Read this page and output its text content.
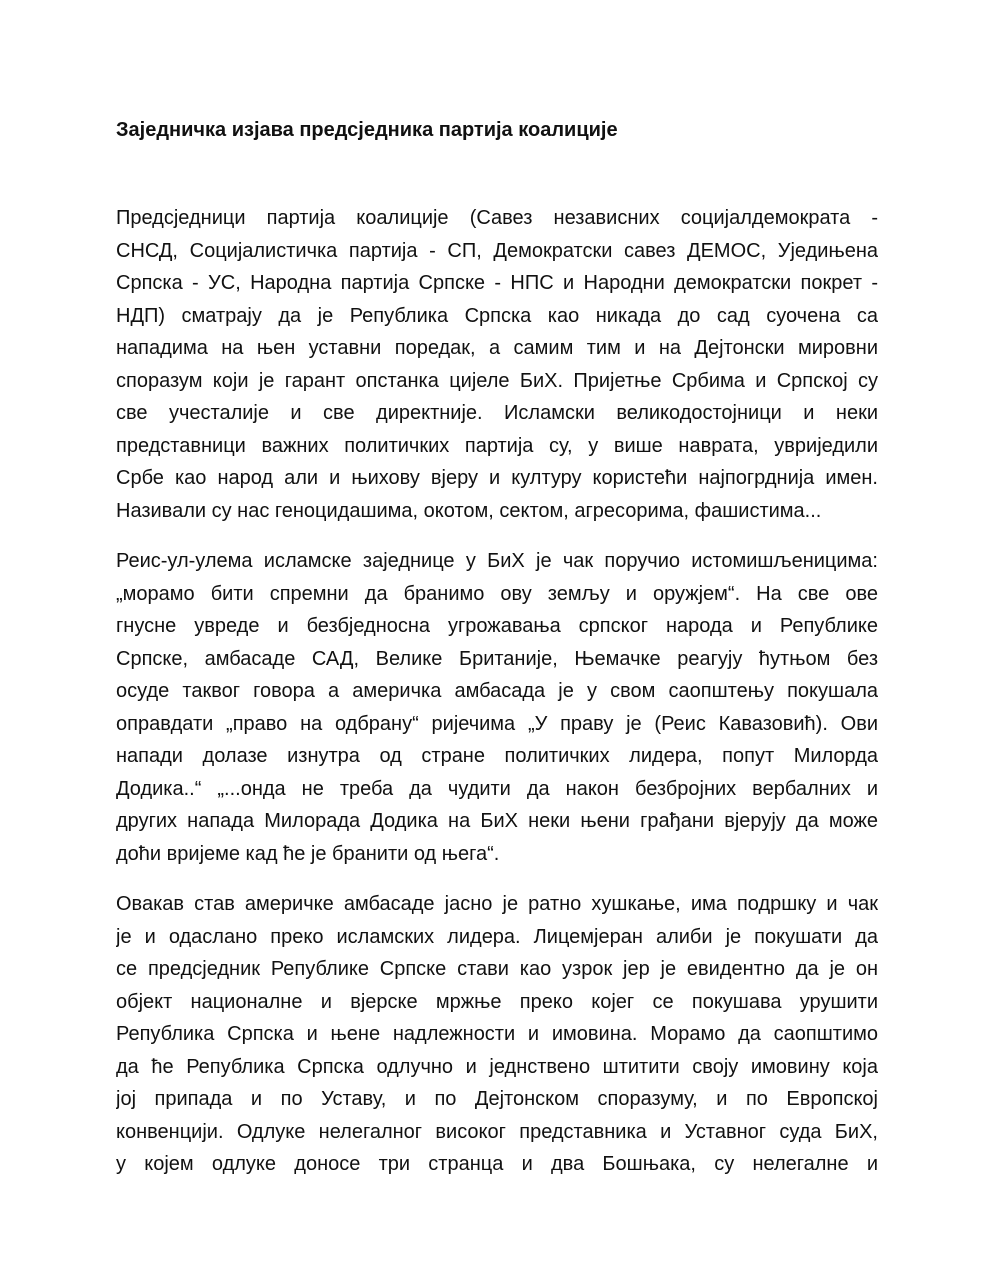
Заједничка изјава предсједника партија коалиције

Предсједници партија коалиције (Савез независних социјалдемократа -
СНСД, Социјалистичка партија - СП, Демократски савез ДЕМОС, Уједињена
Српска - УС, Народна партија Српске - НПС и Народни демократски покрет -
НДП) сматрају да је Република Српска као никада до сад суочена са
нападима на њен уставни поредак, а самим тим и на Дејтонски мировни
споразум који је гарант опстанка цијеле БиХ. Пријетње Србима и Српској су
све учесталије и све директније. Исламски великодостојници и неки
представници важних политичких партија су, у више наврата, увриједили
Србе као народ али и њихову вјеру и културу користећи најпогрднија имен.
Називали су нас геноцидашима, окотом, сектом, агресорима, фашистима...

Реис-ул-улема исламске заједнице у БиХ је чак поручио истомишљеницима:
„морамо бити спремни да бранимо ову земљу и оружјем“. На све ове
гнусне увреде и безбједносна угрожавања српског народа и Републике
Српске, амбасаде САД, Велике Британије, Њемачке реагују ћутњом без
осуде таквог говора а америчка амбасада је у свом саопштењу покушала
оправдати „право на одбрану“ ријечима „У праву је (Реис Кавазовић). Ови
напади долазе изнутра од стране политичких лидера, попут Милорда
Додика..“ „...онда не треба да чудити да након безбројних вербалних и
других напада Милорада Додика на БиХ неки њени грађани вјерују да може
доћи вријеме кад ће је бранити од њега“.

Овакав став америчке амбасаде јасно је ратно хушкање, има подршку и чак
је и одаслано преко исламских лидера. Лицемјеран алиби је покушати да
се предсједник Републике Српске стави као узрок јер је евидентно да је он
објект националне и вјерске мржње преко којег се покушава урушити
Република Српска и њене надлежности и имовина. Морамо да саопштимо
да ће Република Српска одлучно и једнствено штитити своју имовину која
јој припада и по Уставу, и по Дејтонском споразуму, и по Европској
конвенцији. Одлуке нелегалног високог представника и Уставног суда БиХ,
у којем одлуке доносе три странца и два Бошњака, су нелегалне и
